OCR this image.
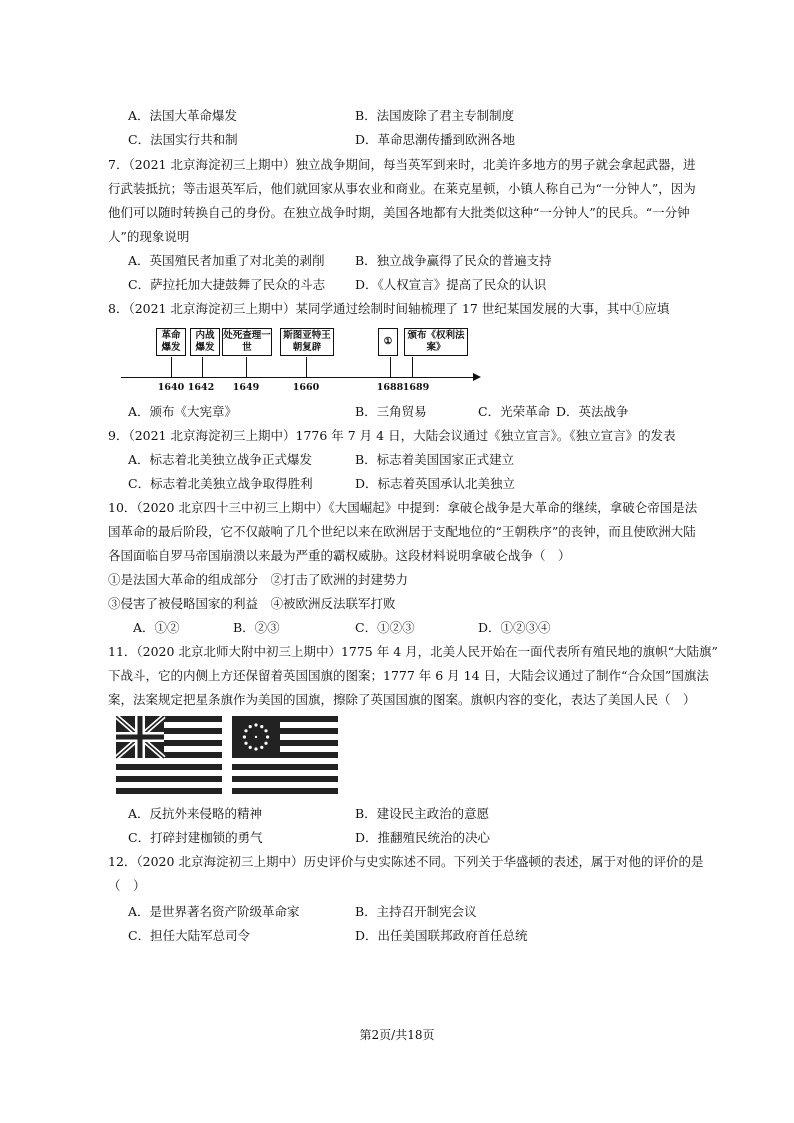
A．法国大革命爆发	B．法国废除了君主专制制度
C．法国实行共和制	D．革命思潮传播到欧洲各地
7．（2021 北京海淀初三上期中）独立战争期间，每当英军到来时，北美许多地方的男子就会拿起武器，进
行武装抵抗；等击退英军后，他们就回家从事农业和商业。在莱克星顿，小镇人称自己为“一分钟人”，因为
他们可以随时转换自己的身份。在独立战争时期，美国各地都有大批类似这种“一分钟人”的民兵。“一分钟
人”的现象说明
A．英国殖民者加重了对北美的剥削 B．独立战争赢得了民众的普遍支持
C．萨拉托加大捷鼓舞了民众的斗志 D．《人权宣言》提高了民众的认识
8．（2021 北京海淀初三上期中）某同学通过绘制时间轴梳理了 17 世纪某国发展的大事，其中①应填
革命爆发
内战爆发
处死查理一世
斯图亚特王朝复辟
①
颁布《权利法案》
1640 1642 1649	1660	1688 1689
A．颁布《大宪章》	B．三角贸易	C．光荣革命 D．英法战争
9．（2021 北京海淀初三上期中）1776 年 7 月 4 日，大陆会议通过《独立宣言》。《独立宣言》的发表
A．标志着北美独立战争正式爆发	B．标志着美国国家正式建立
C．标志着北美独立战争取得胜利	D．标志着英国承认北美独立
10．（2020 北京四十三中初三上期中）《大国崛起》中提到：拿破仑战争是大革命的继续，拿破仑帝国是法
国革命的最后阶段，它不仅敲响了几个世纪以来在欧洲居于支配地位的“王朝秩序”的丧钟，而且使欧洲大陆
各国面临自罗马帝国崩溃以来最为严重的霸权威胁。这段材料说明拿破仑战争（　）
①是法国大革命的组成部分　②打击了欧洲的封建势力
③侵害了被侵略国家的利益　④被欧洲反法联军打败
A．①②	B．②③	C．①②③	D．①②③④
11．（2020 北京北师大附中初三上期中）1775 年 4 月，北美人民开始在一面代表所有殖民地的旗帜“大陆旗”
下战斗，它的内侧上方还保留着英国国旗的图案；1777 年 6 月 14 日，大陆会议通过了制作“合众国”国旗法
案，法案规定把星条旗作为美国的国旗，擦除了英国国旗的图案。旗帜内容的变化，表达了美国人民（　）
A．反抗外来侵略的精神	B．建设民主政治的意愿
C．打碎封建枷锁的勇气	D．推翻殖民统治的决心
12．（2020 北京海淀初三上期中）历史评价与史实陈述不同。下列关于华盛顿的表述，属于对他的评价的是
（　）
A．是世界著名资产阶级革命家	B．主持召开制宪会议
C．担任大陆军总司令	D．出任美国联邦政府首任总统
第2页/共18页
